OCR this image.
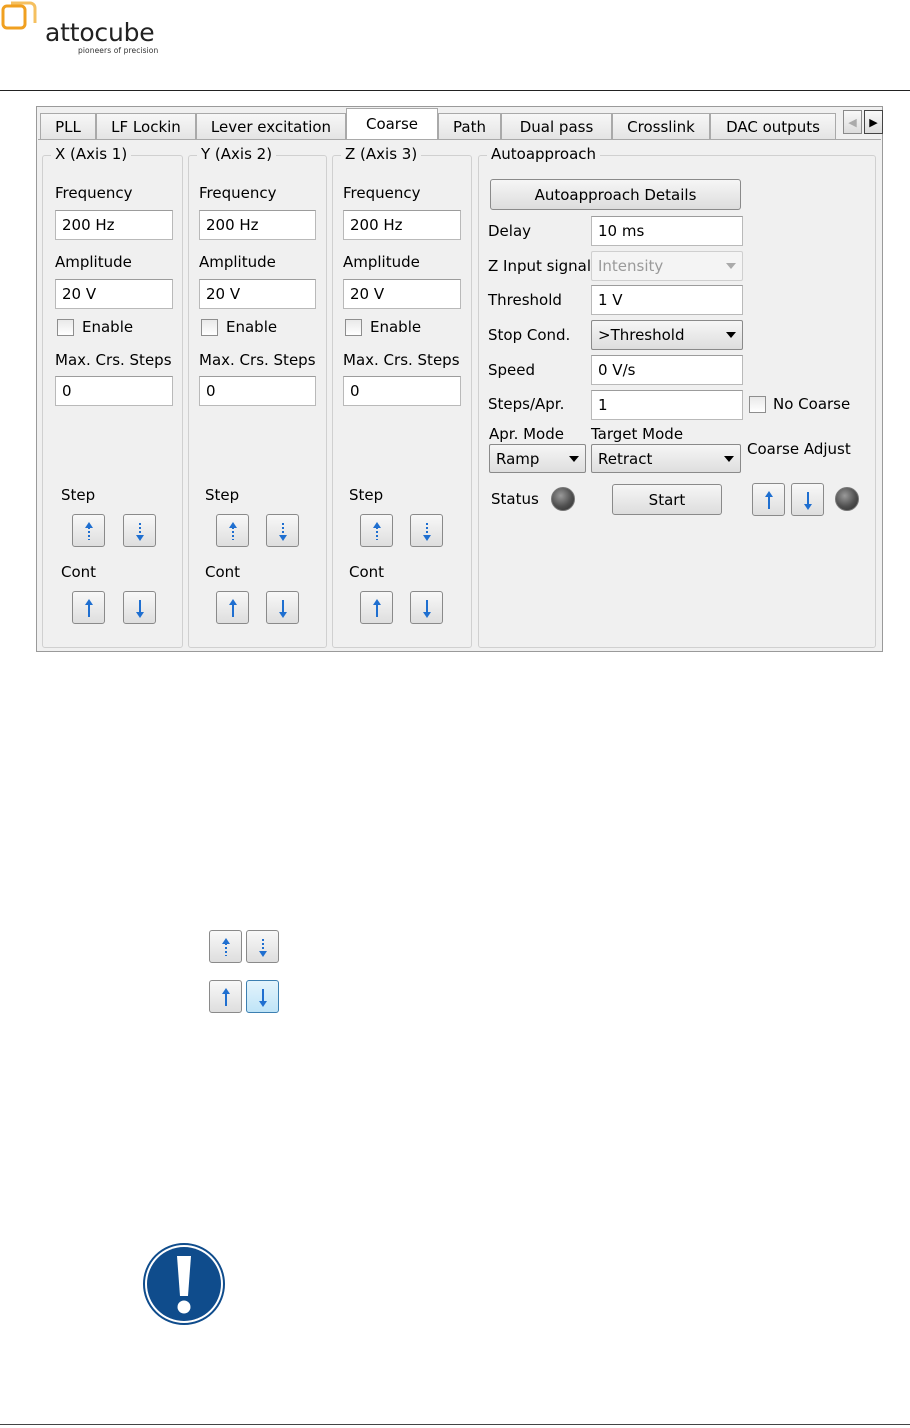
attocube
pioneers of precision
PLL	LF Lockin	Lever excitation	Coarse	Path	Dual pass	Crosslink	DAC outputs	◀	▶
X (Axis 1)
Frequency
200 Hz
Amplitude
20 V
Enable
Max. Crs. Steps
0
Step
Cont
Y (Axis 2)
Frequency
200 Hz
Amplitude
20 V
Enable
Max. Crs. Steps
0
Step
Cont
Z (Axis 3)
Frequency
200 Hz
Amplitude
20 V
Enable
Max. Crs. Steps
0
Step
Cont
Autoapproach
Autoapproach Details
Delay	10 ms
Z Input signal Intensity
Threshold	1 V
Stop Cond. >Threshold
Speed	0 V/s
Steps/Apr.	1	No Coarse
Apr. Mode
Ramp
Target Mode
Retract
Coarse Adjust
Status	Start
